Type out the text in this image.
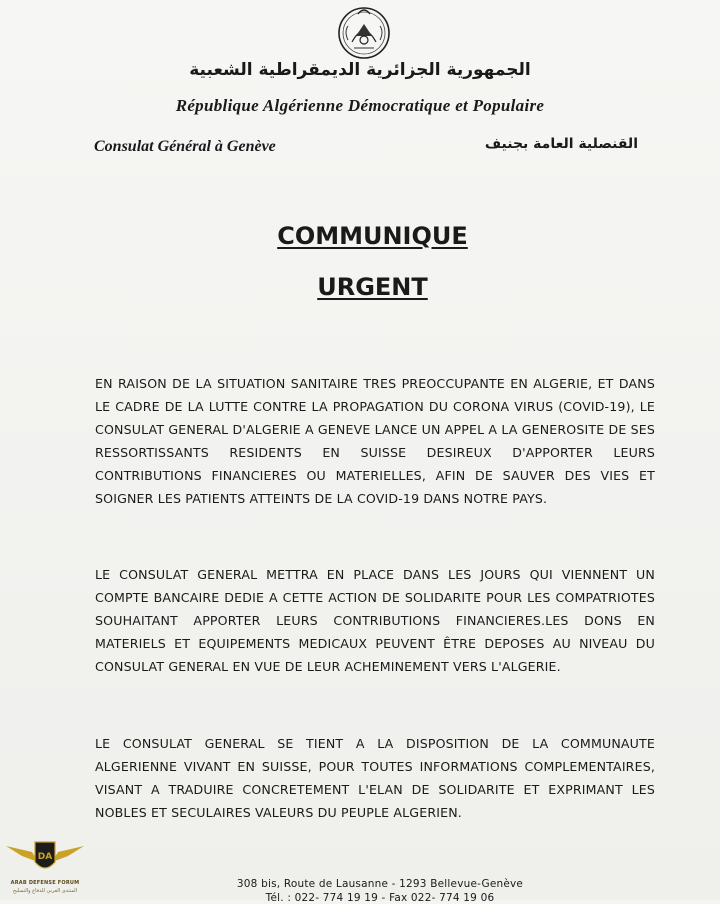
الجمهورية الجزائرية الديمقراطية الشعبية
République Algérienne Démocratique et Populaire
Consulat Général à Genève	القنصلية العامة بجنيف
COMMUNIQUE
URGENT

EN RAISON DE LA SITUATION SANITAIRE TRES PREOCCUPANTE EN ALGERIE, ET DANS LE CADRE DE LA LUTTE CONTRE LA PROPAGATION DU CORONA VIRUS (COVID-19), LE CONSULAT GENERAL D'ALGERIE A GENEVE LANCE UN APPEL A LA GENEROSITE DE SES RESSORTISSANTS RESIDENTS EN SUISSE DESIREUX D'APPORTER LEURS CONTRIBUTIONS FINANCIERES OU MATERIELLES, AFIN DE SAUVER DES VIES ET SOIGNER LES PATIENTS ATTEINTS DE LA COVID-19 DANS NOTRE PAYS.

LE CONSULAT GENERAL METTRA EN PLACE DANS LES JOURS QUI VIENNENT UN COMPTE BANCAIRE DEDIE A CETTE ACTION DE SOLIDARITE POUR LES COMPATRIOTES SOUHAITANT APPORTER LEURS CONTRIBUTIONS FINANCIERES.LES DONS EN MATERIELS ET EQUIPEMENTS MEDICAUX PEUVENT ÊTRE DEPOSES AU NIVEAU DU CONSULAT GENERAL EN VUE DE LEUR ACHEMINEMENT VERS L'ALGERIE.

LE CONSULAT GENERAL SE TIENT A LA DISPOSITION DE LA COMMUNAUTE ALGERIENNE VIVANT EN SUISSE, POUR TOUTES INFORMATIONS COMPLEMENTAIRES, VISANT A TRADUIRE CONCRETEMENT L'ELAN DE SOLIDARITE ET EXPRIMANT LES NOBLES ET SECULAIRES VALEURS DU PEUPLE ALGERIEN.

308 bis, Route de Lausanne - 1293 Bellevue-Genève
Tél. : 022- 774 19 19 - Fax 022- 774 19 06
DA
ARAB DEFENSE FORUM
المنتدى العربي للدفاع والتسليح
